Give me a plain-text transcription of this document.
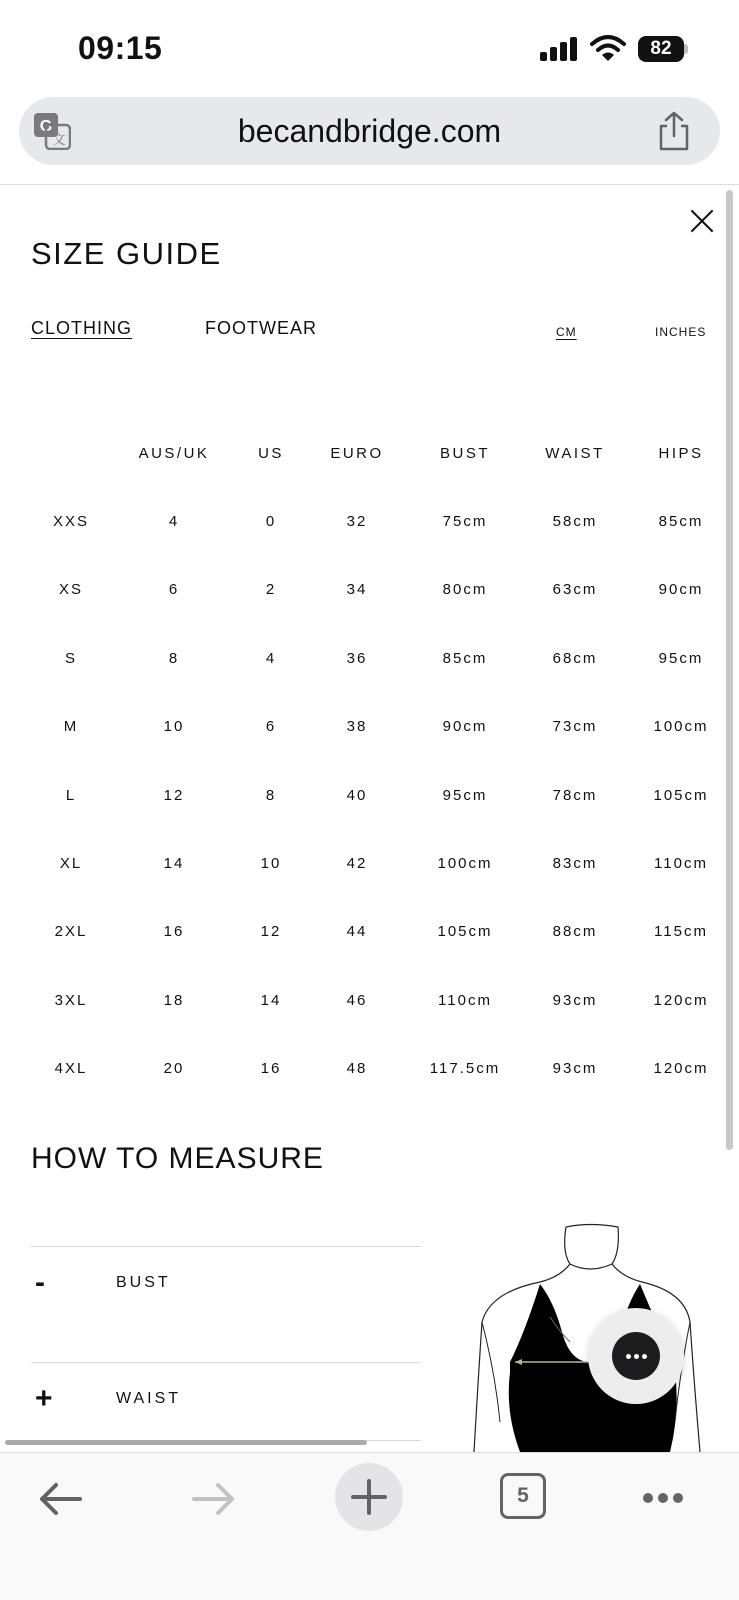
09:15	82
G
文	becandbridge.com
SIZE GUIDE
CLOTHING	FOOTWEAR	CM	INCHES
AUS/UK	US	EURO	BUST	WAIST	HIPS
XXS	4	0	32	75cm	58cm	85cm
XS	6	2	34	80cm	63cm	90cm
S	8	4	36	85cm	68cm	95cm
M	10	6	38	90cm	73cm	100cm
L	12	8	40	95cm	78cm	105cm
XL	14	10	42	100cm	83cm	110cm
2XL	16	12	44	105cm	88cm	115cm
3XL	18	14	46	110cm	93cm	120cm
4XL	20	16	48	117.5cm	93cm	120cm
HOW TO MEASURE
-	BUST
+	WAIST
5
